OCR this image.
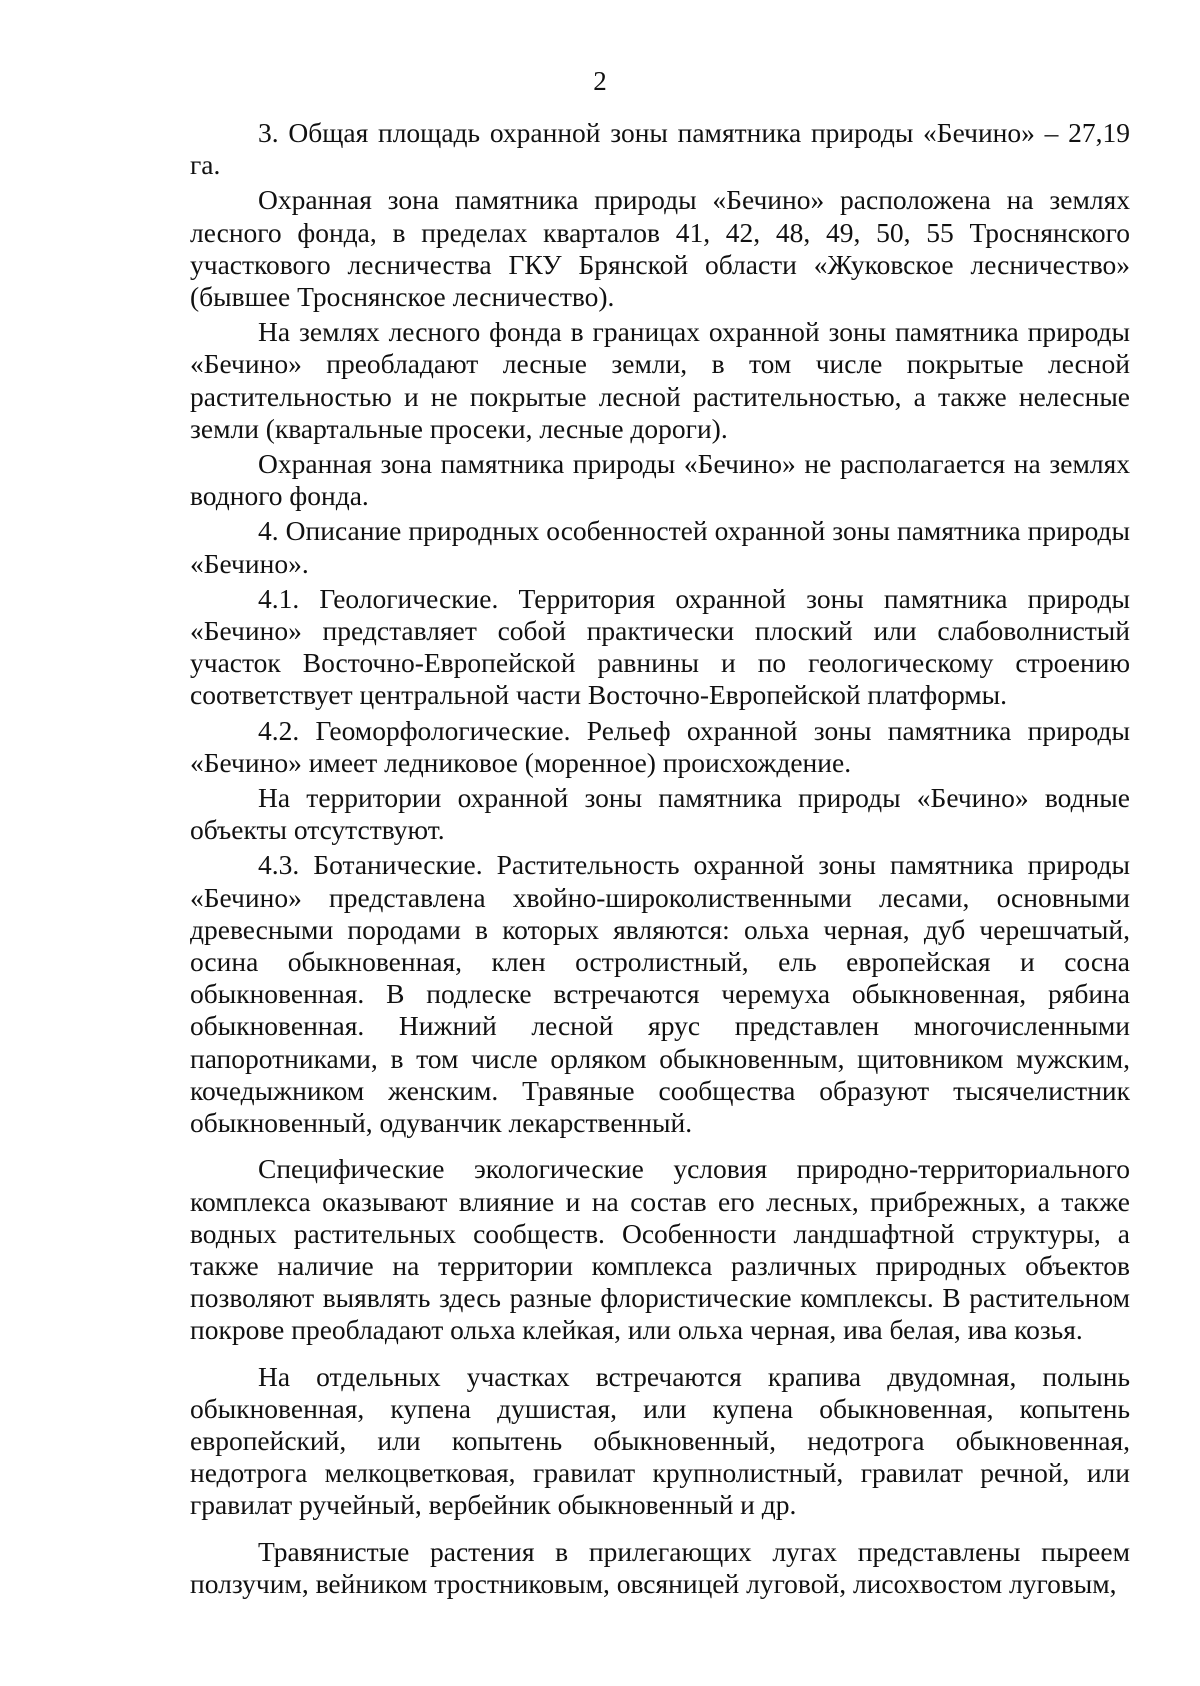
2

3. Общая площадь охранной зоны памятника природы «Бечино» – 27,19 га.

Охранная зона памятника природы «Бечино» расположена на землях лесного фонда, в пределах кварталов 41, 42, 48, 49, 50, 55 Троснянского участкового лесничества ГКУ Брянской области «Жуковское лесничество» (бывшее Троснянское лесничество).

На землях лесного фонда в границах охранной зоны памятника природы «Бечино» преобладают лесные земли, в том числе покрытые лесной растительностью и не покрытые лесной растительностью, а также нелесные земли (квартальные просеки, лесные дороги).

Охранная зона памятника природы «Бечино» не располагается на землях водного фонда.

4. Описание природных особенностей охранной зоны памятника природы «Бечино».

4.1. Геологические. Территория охранной зоны памятника природы «Бечино» представляет собой практически плоский или слабоволнистый участок Восточно-Европейской равнины и по геологическому строению соответствует центральной части Восточно-Европейской платформы.

4.2. Геоморфологические. Рельеф охранной зоны памятника природы «Бечино» имеет ледниковое (моренное) происхождение.

На территории охранной зоны памятника природы «Бечино» водные объекты отсутствуют.

4.3. Ботанические. Растительность охранной зоны памятника природы «Бечино» представлена хвойно-широколиственными лесами, основными древесными породами в которых являются: ольха черная, дуб черешчатый, осина обыкновенная, клен остролистный, ель европейская и сосна обыкновенная. В подлеске встречаются черемуха обыкновенная, рябина обыкновенная. Нижний лесной ярус представлен многочисленными папоротниками, в том числе орляком обыкновенным, щитовником мужским, кочедыжником женским. Травяные сообщества образуют тысячелистник обыкновенный, одуванчик лекарственный.

Специфические экологические условия природно-территориального комплекса оказывают влияние и на состав его лесных, прибрежных, а также водных растительных сообществ. Особенности ландшафтной структуры, а также наличие на территории комплекса различных природных объектов позволяют выявлять здесь разные флористические комплексы. В растительном покрове преобладают ольха клейкая, или ольха черная, ива белая, ива козья.

На отдельных участках встречаются крапива двудомная, полынь обыкновенная, купена душистая, или купена обыкновенная, копытень европейский, или копытень обыкновенный, недотрога обыкновенная, недотрога мелкоцветковая, гравилат крупнолистный, гравилат речной, или гравилат ручейный, вербейник обыкновенный и др.

Травянистые растения в прилегающих лугах представлены пыреем ползучим, вейником тростниковым, овсяницей луговой, лисохвостом луговым,
